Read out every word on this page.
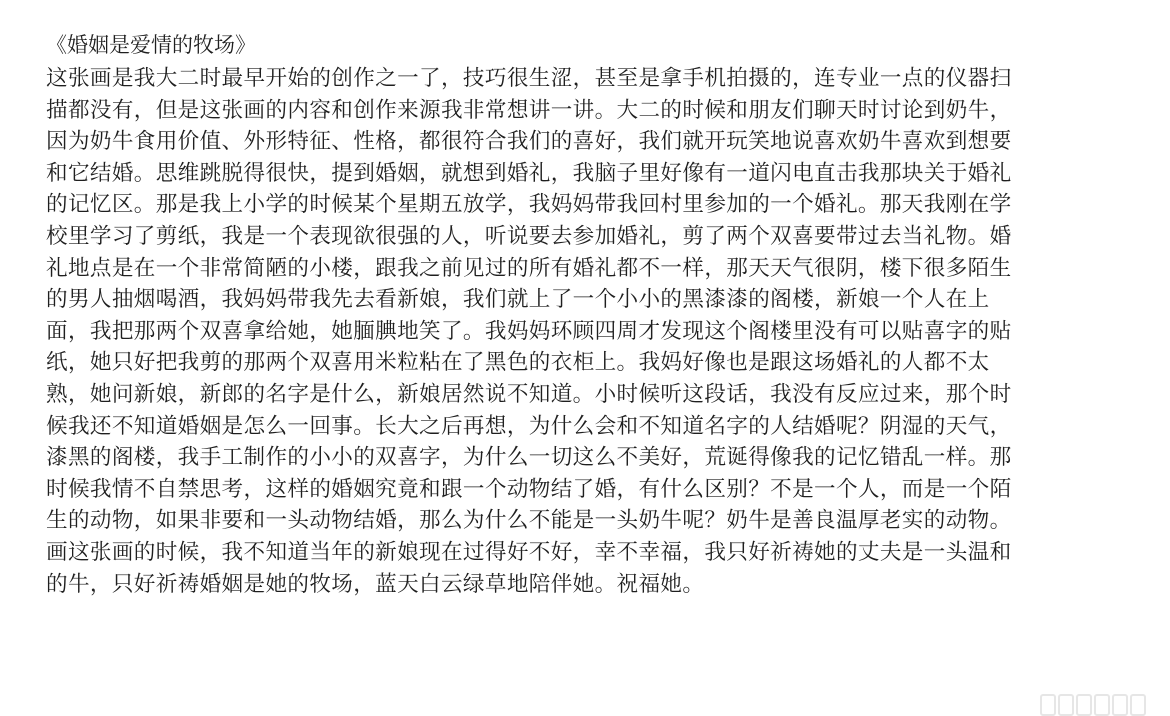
《婚姻是爱情的牧场》
这张画是我大二时最早开始的创作之一了，技巧很生涩，甚至是拿手机拍摄的，连专业一点的仪器扫
描都没有，但是这张画的内容和创作来源我非常想讲一讲。大二的时候和朋友们聊天时讨论到奶牛，
因为奶牛食用价值、外形特征、性格，都很符合我们的喜好，我们就开玩笑地说喜欢奶牛喜欢到想要
和它结婚。思维跳脱得很快，提到婚姻，就想到婚礼，我脑子里好像有一道闪电直击我那块关于婚礼
的记忆区。那是我上小学的时候某个星期五放学，我妈妈带我回村里参加的一个婚礼。那天我刚在学
校里学习了剪纸，我是一个表现欲很强的人，听说要去参加婚礼，剪了两个双喜要带过去当礼物。婚
礼地点是在一个非常简陋的小楼，跟我之前见过的所有婚礼都不一样，那天天气很阴，楼下很多陌生
的男人抽烟喝酒，我妈妈带我先去看新娘，我们就上了一个小小的黑漆漆的阁楼，新娘一个人在上
面，我把那两个双喜拿给她，她腼腆地笑了。我妈妈环顾四周才发现这个阁楼里没有可以贴喜字的贴
纸，她只好把我剪的那两个双喜用米粒粘在了黑色的衣柜上。我妈好像也是跟这场婚礼的人都不太
熟，她问新娘，新郎的名字是什么，新娘居然说不知道。小时候听这段话，我没有反应过来，那个时
候我还不知道婚姻是怎么一回事。长大之后再想，为什么会和不知道名字的人结婚呢？阴湿的天气，
漆黑的阁楼，我手工制作的小小的双喜字，为什么一切这么不美好，荒诞得像我的记忆错乱一样。那
时候我情不自禁思考，这样的婚姻究竟和跟一个动物结了婚，有什么区别？不是一个人，而是一个陌
生的动物，如果非要和一头动物结婚，那么为什么不能是一头奶牛呢？奶牛是善良温厚老实的动物。
画这张画的时候，我不知道当年的新娘现在过得好不好，幸不幸福，我只好祈祷她的丈夫是一头温和
的牛，只好祈祷婚姻是她的牧场，蓝天白云绿草地陪伴她。祝福她。
